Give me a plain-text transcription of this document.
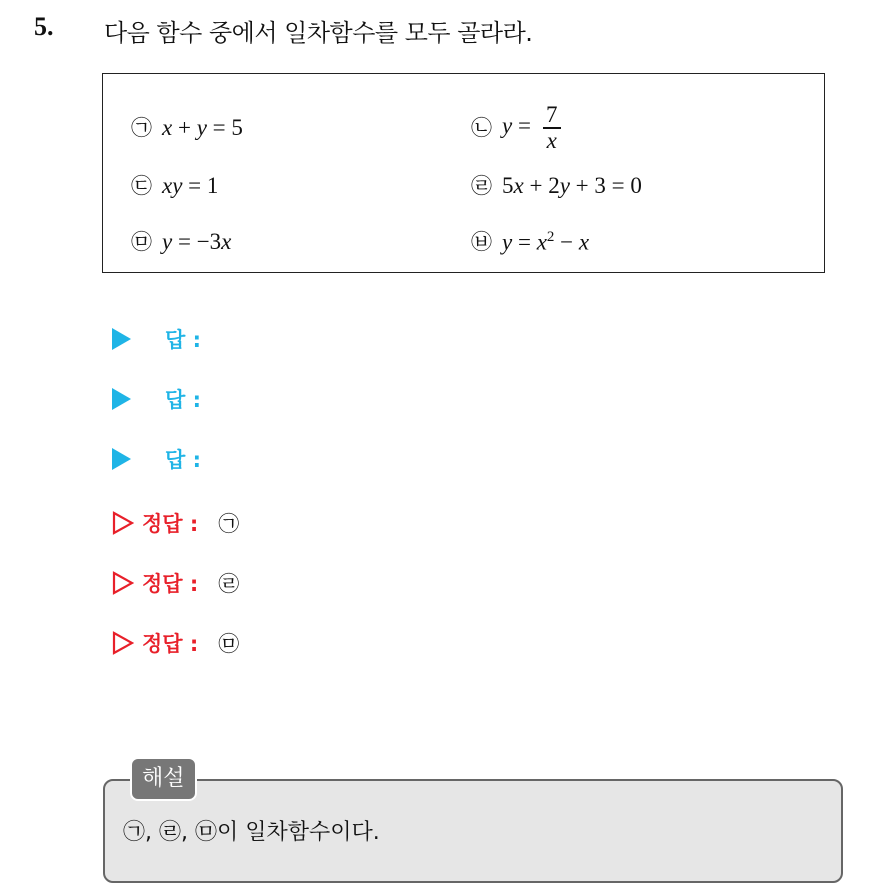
5. 다음 함수 중에서 일차함수를 모두 골라라.
㉠ x + y = 5	㉡ $y = \frac{7}{x}$
㉢ xy = 1	㉣ 5x + 2y + 3 = 0
㉤ y = −3x	㉥ $y = x^2 - x$
답 :
답 :
답 :
정답 : ㉠
정답 : ㉣
정답 : ㉤
㉠, ㉣, ㉤이 일차함수이다.
해설
